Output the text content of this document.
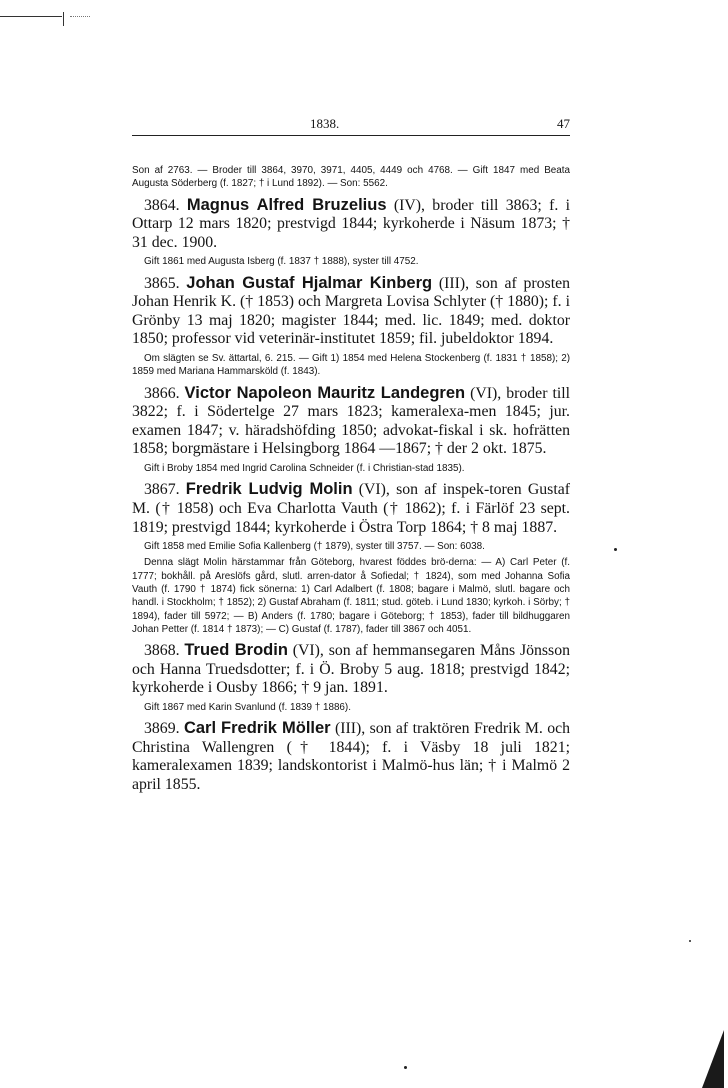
1838.	47

Son af 2763. — Broder till 3864, 3970, 3971, 4405, 4449 och 4768. — Gift 1847 med Beata Augusta Söderberg (f. 1827; † i Lund 1892). — Son: 5562.

3864. Magnus Alfred Bruzelius (IV), broder till 3863; f. i Ottarp 12 mars 1820; prestvigd 1844; kyrkoherde i Näsum 1873; † 31 dec. 1900.

Gift 1861 med Augusta Isberg (f. 1837 † 1888), syster till 4752.

3865. Johan Gustaf Hjalmar Kinberg (III), son af prosten Johan Henrik K. († 1853) och Margreta Lovisa Schlyter († 1880); f. i Grönby 13 maj 1820; magister 1844; med. lic. 1849; med. doktor 1850; professor vid veterinär-institutet 1859; fil. jubeldoktor 1894.

Om slägten se Sv. ättartal, 6. 215. — Gift 1) 1854 med Helena Stockenberg (f. 1831 † 1858); 2) 1859 med Mariana Hammarsköld (f. 1843).

3866. Victor Napoleon Mauritz Landegren (VI), broder till 3822; f. i Södertelge 27 mars 1823; kameralexa-men 1845; jur. examen 1847; v. häradshöfding 1850; advokat-fiskal i sk. hofrätten 1858; borgmästare i Helsingborg 1864 —1867; † der 2 okt. 1875.

Gift i Broby 1854 med Ingrid Carolina Schneider (f. i Christian-stad 1835).

3867. Fredrik Ludvig Molin (VI), son af inspek-toren Gustaf M. († 1858) och Eva Charlotta Vauth († 1862); f. i Färlöf 23 sept. 1819; prestvigd 1844; kyrkoherde i Östra Torp 1864; † 8 maj 1887.

Gift 1858 med Emilie Sofia Kallenberg († 1879), syster till 3757. — Son: 6038.

Denna slägt Molin härstammar från Göteborg, hvarest föddes brö-derna: — A) Carl Peter (f. 1777; bokhåll. på Areslöfs gård, slutl. arren-dator å Sofiedal; † 1824), som med Johanna Sofia Vauth (f. 1790 † 1874) fick sönerna: 1) Carl Adalbert (f. 1808; bagare i Malmö, slutl. bagare och handl. i Stockholm; † 1852); 2) Gustaf Abraham (f. 1811; stud. göteb. i Lund 1830; kyrkoh. i Sörby; † 1894), fader till 5972; — B) Anders (f. 1780; bagare i Göteborg; † 1853), fader till bildhuggaren Johan Petter (f. 1814 † 1873); — C) Gustaf (f. 1787), fader till 3867 och 4051.

3868. Trued Brodin (VI), son af hemmansegaren Måns Jönsson och Hanna Truedsdotter; f. i Ö. Broby 5 aug. 1818; prestvigd 1842; kyrkoherde i Ousby 1866; † 9 jan. 1891.

Gift 1867 med Karin Svanlund (f. 1839 † 1886).

3869. Carl Fredrik Möller (III), son af traktören Fredrik M. och Christina Wallengren († 1844); f. i Väsby 18 juli 1821; kameralexamen 1839; landskontorist i Malmö-hus län; † i Malmö 2 april 1855.
